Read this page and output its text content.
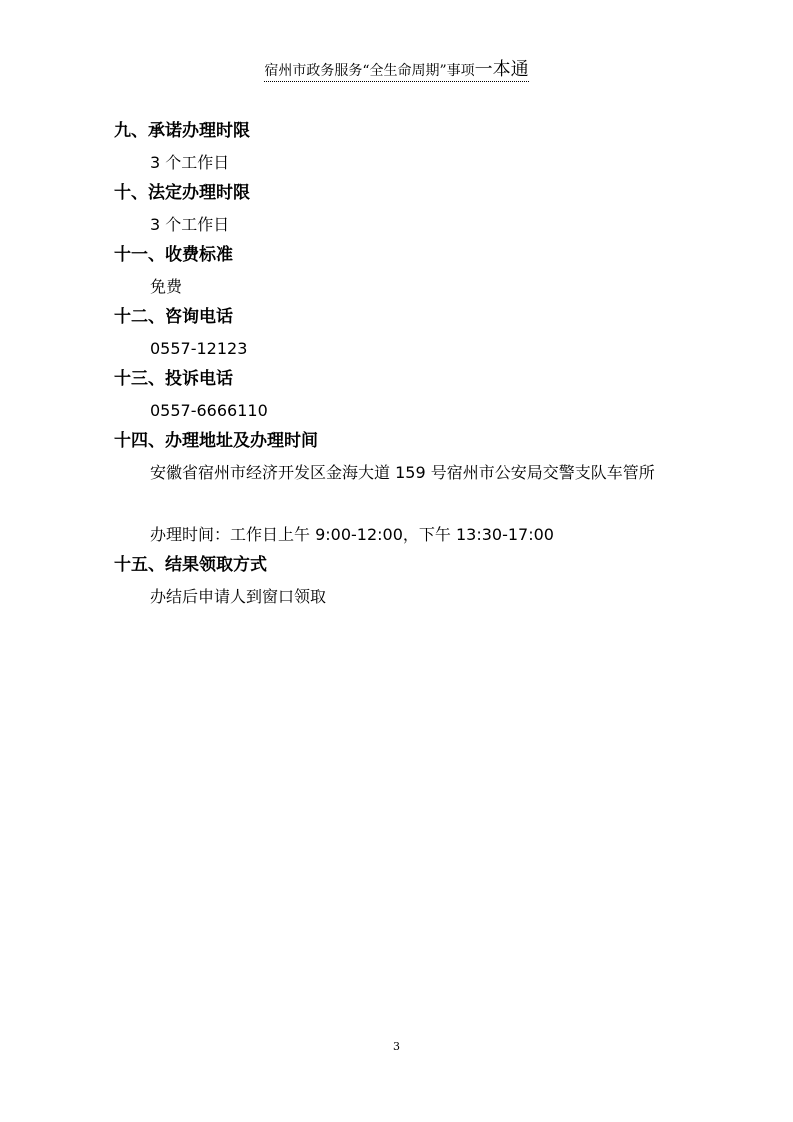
宿州市政务服务“全生命周期”事项一本通

九、承诺办理时限

3 个工作日

十、法定办理时限

3 个工作日

十一、收费标准

免费

十二、咨询电话

0557-12123

十三、投诉电话

0557-6666110

十四、办理地址及办理时间

安徽省宿州市经济开发区金海大道 159 号宿州市公安局交警支队车管所

办理时间：工作日上午 9:00-12:00，下午 13:30-17:00

十五、结果领取方式

办结后申请人到窗口领取

3
